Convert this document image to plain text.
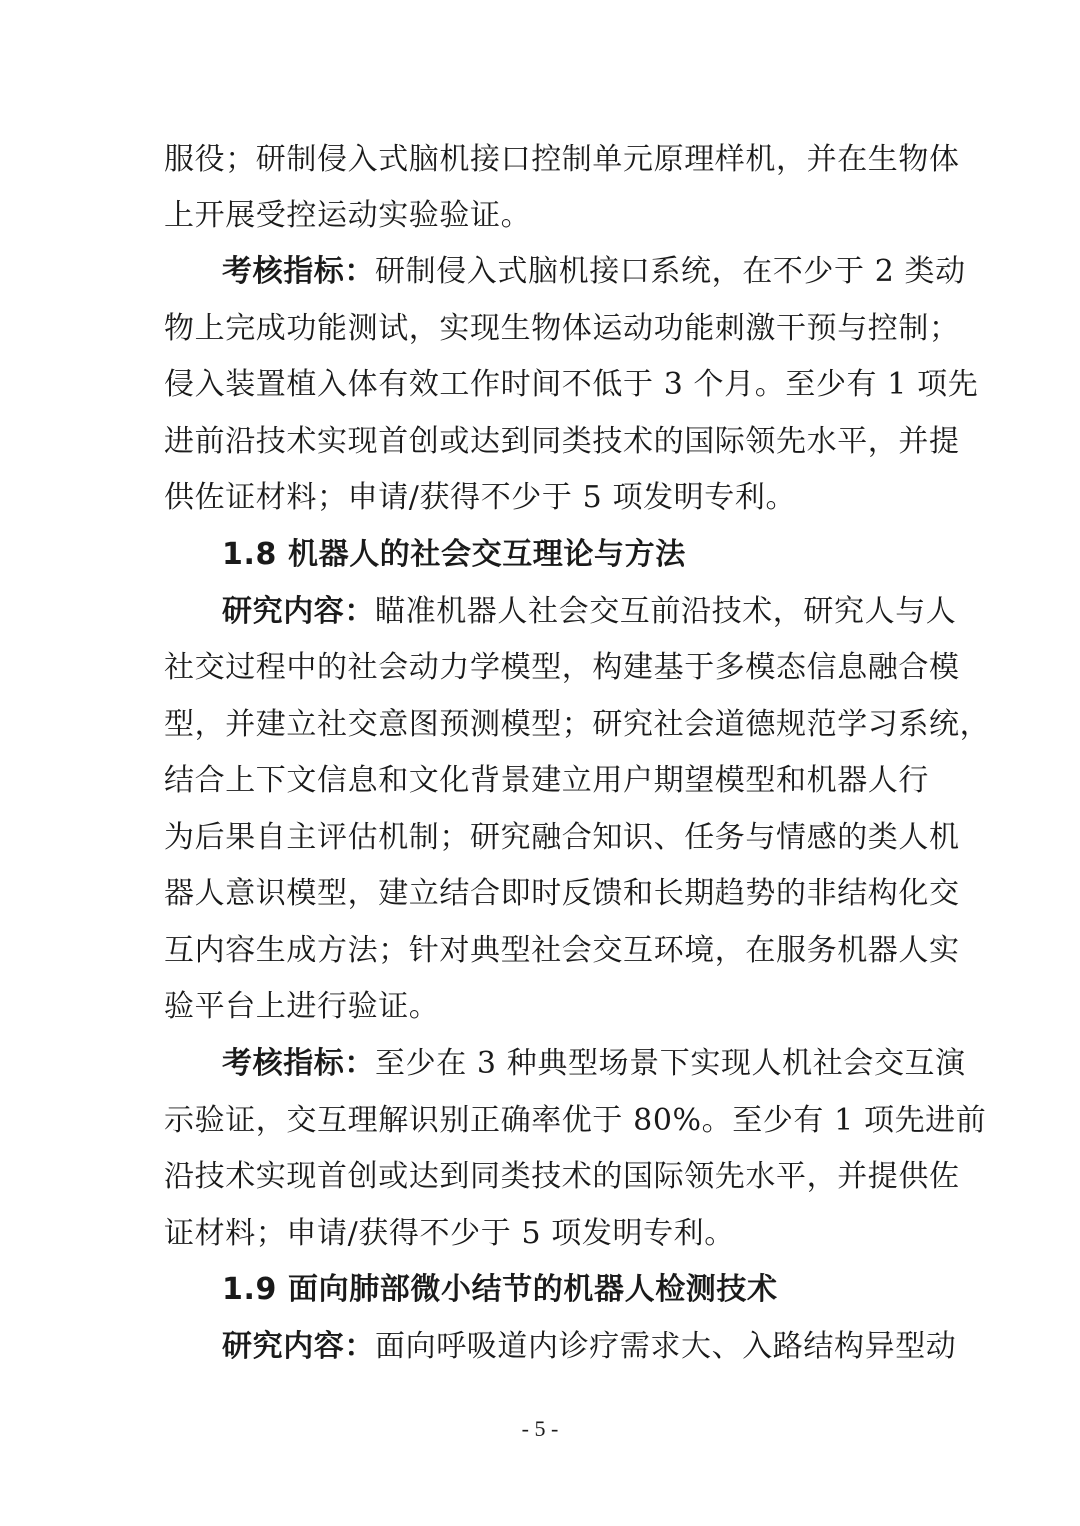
服役；研制侵入式脑机接口控制单元原理样机，并在生物体
上开展受控运动实验验证。
考核指标：研制侵入式脑机接口系统，在不少于 2 类动
物上完成功能测试，实现生物体运动功能刺激干预与控制；
侵入装置植入体有效工作时间不低于 3 个月。至少有 1 项先
进前沿技术实现首创或达到同类技术的国际领先水平，并提
供佐证材料；申请/获得不少于 5 项发明专利。
1.8 机器人的社会交互理论与方法
研究内容：瞄准机器人社会交互前沿技术，研究人与人
社交过程中的社会动力学模型，构建基于多模态信息融合模
型，并建立社交意图预测模型；研究社会道德规范学习系统，
结合上下文信息和文化背景建立用户期望模型和机器人行
为后果自主评估机制；研究融合知识、任务与情感的类人机
器人意识模型，建立结合即时反馈和长期趋势的非结构化交
互内容生成方法；针对典型社会交互环境，在服务机器人实
验平台上进行验证。
考核指标：至少在 3 种典型场景下实现人机社会交互演
示验证，交互理解识别正确率优于 80%。至少有 1 项先进前
沿技术实现首创或达到同类技术的国际领先水平，并提供佐
证材料；申请/获得不少于 5 项发明专利。
1.9 面向肺部微小结节的机器人检测技术
研究内容：面向呼吸道内诊疗需求大、入路结构异型动
- 5 -
